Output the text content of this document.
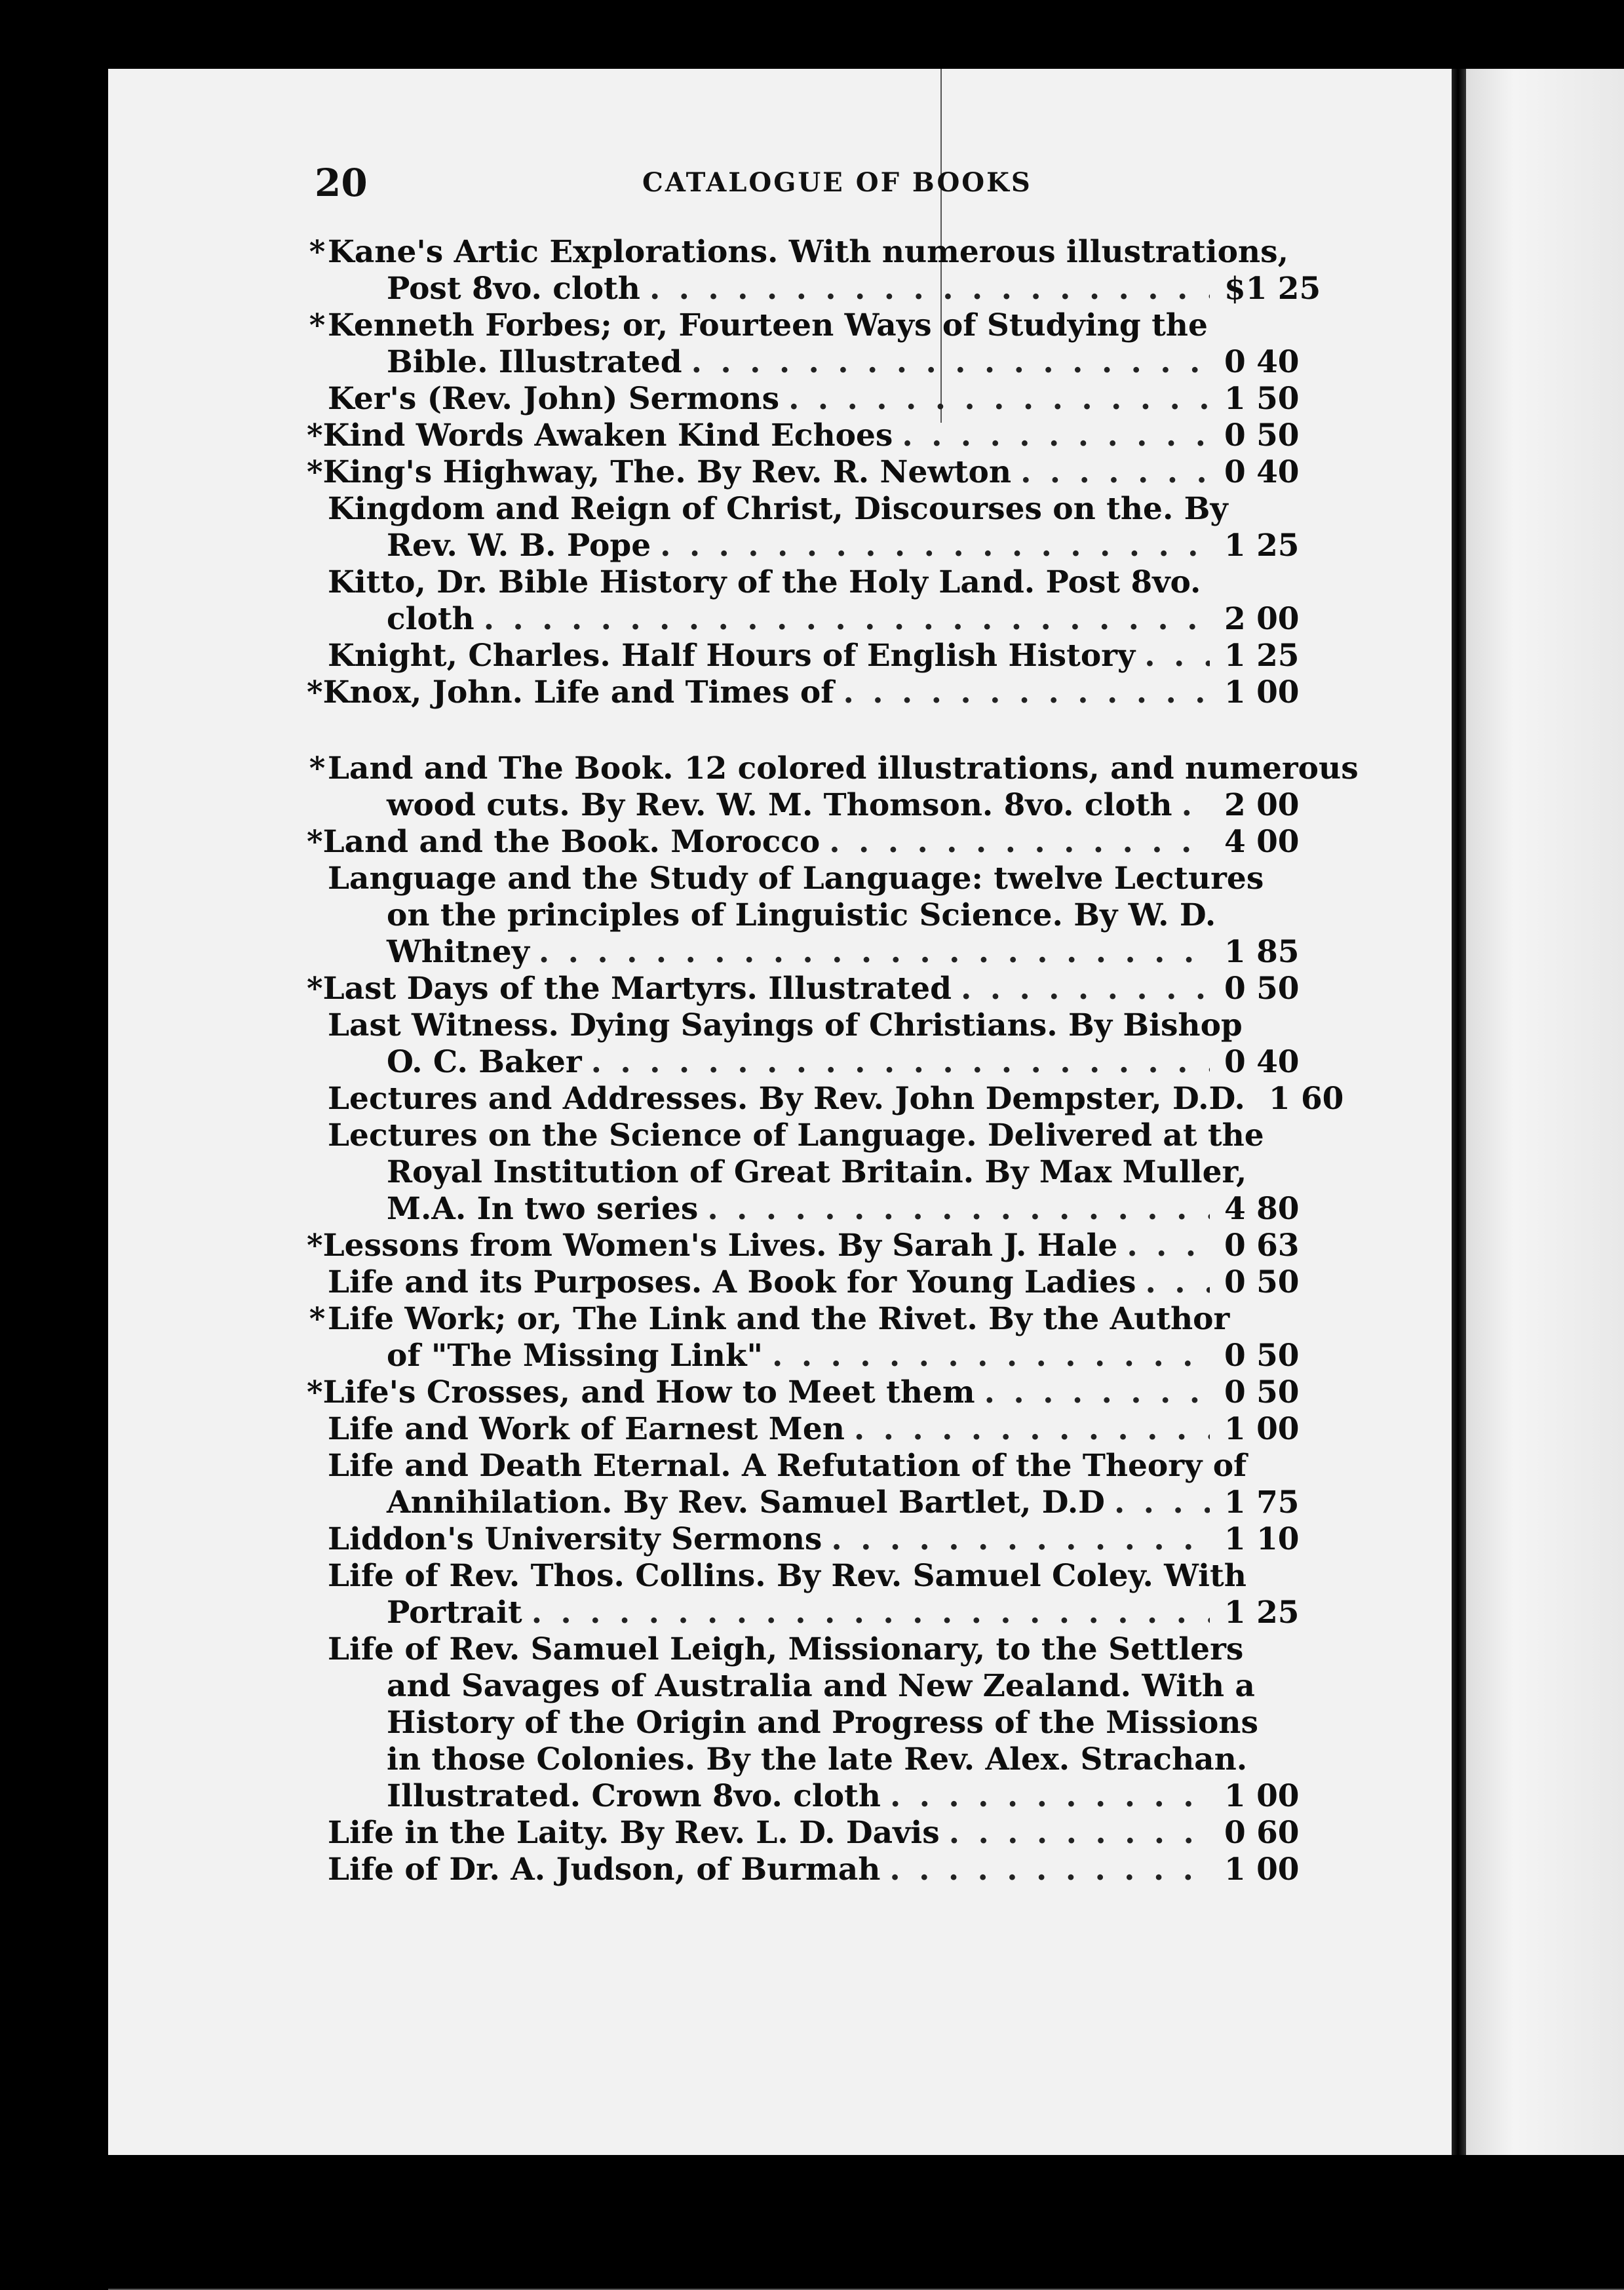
20	CATALOGUE OF BOOKS
*Kane's Artic Explorations. With numerous illustrations,
Post 8vo. cloth . . .	$1 25
*Kenneth Forbes; or, Fourteen Ways of Studying the
Bible. Illustrated . . .	0 40
Ker's (Rev. John) Sermons . . .	1 50
* Kind Words Awaken Kind Echoes . . .	0 50
* King's Highway, The. By Rev. R. Newton . . .	0 40
Kingdom and Reign of Christ, Discourses on the. By
Rev. W. B. Pope . . .	1 25
Kitto, Dr. Bible History of the Holy Land. Post 8vo.
cloth . . .	2 00
Knight, Charles. Half Hours of English History . . .	1 25
* Knox, John. Life and Times of . . .	1 00
*Land and The Book. 12 colored illustrations, and numerous
wood cuts. By Rev. W. M. Thomson. 8vo. cloth . . . 2 00
* Land and the Book. Morocco . . .	4 00
Language and the Study of Language: twelve Lectures
on the principles of Linguistic Science. By W. D.
Whitney . . .	1 85
* Last Days of the Martyrs. Illustrated . . .	0 50
Last Witness. Dying Sayings of Christians. By Bishop
O. C. Baker . . .	0 40
Lectures and Addresses. By Rev. John Dempster, D.D. 1 60
Lectures on the Science of Language. Delivered at the
Royal Institution of Great Britain. By Max Muller,
M.A. In two series . . .	4 80
* Lessons from Women's Lives. By Sarah J. Hale . . .	0 63
Life and its Purposes. A Book for Young Ladies . . .	0 50
*Life Work; or, The Link and the Rivet. By the Author
of "The Missing Link" . . .	0 50
* Life's Crosses, and How to Meet them . . .	0 50
Life and Work of Earnest Men . . .	1 00
Life and Death Eternal. A Refutation of the Theory of
Annihilation. By Rev. Samuel Bartlet, D.D . . .	1 75
Liddon's University Sermons . . .	1 10
Life of Rev. Thos. Collins. By Rev. Samuel Coley. With
Portrait . . .	1 25
Life of Rev. Samuel Leigh, Missionary, to the Settlers
and Savages of Australia and New Zealand. With a
History of the Origin and Progress of the Missions
in those Colonies. By the late Rev. Alex. Strachan.
Illustrated. Crown 8vo. cloth . . .	1 00
Life in the Laity. By Rev. L. D. Davis . . .	0 60
Life of Dr. A. Judson, of Burmah . . .	1 00
